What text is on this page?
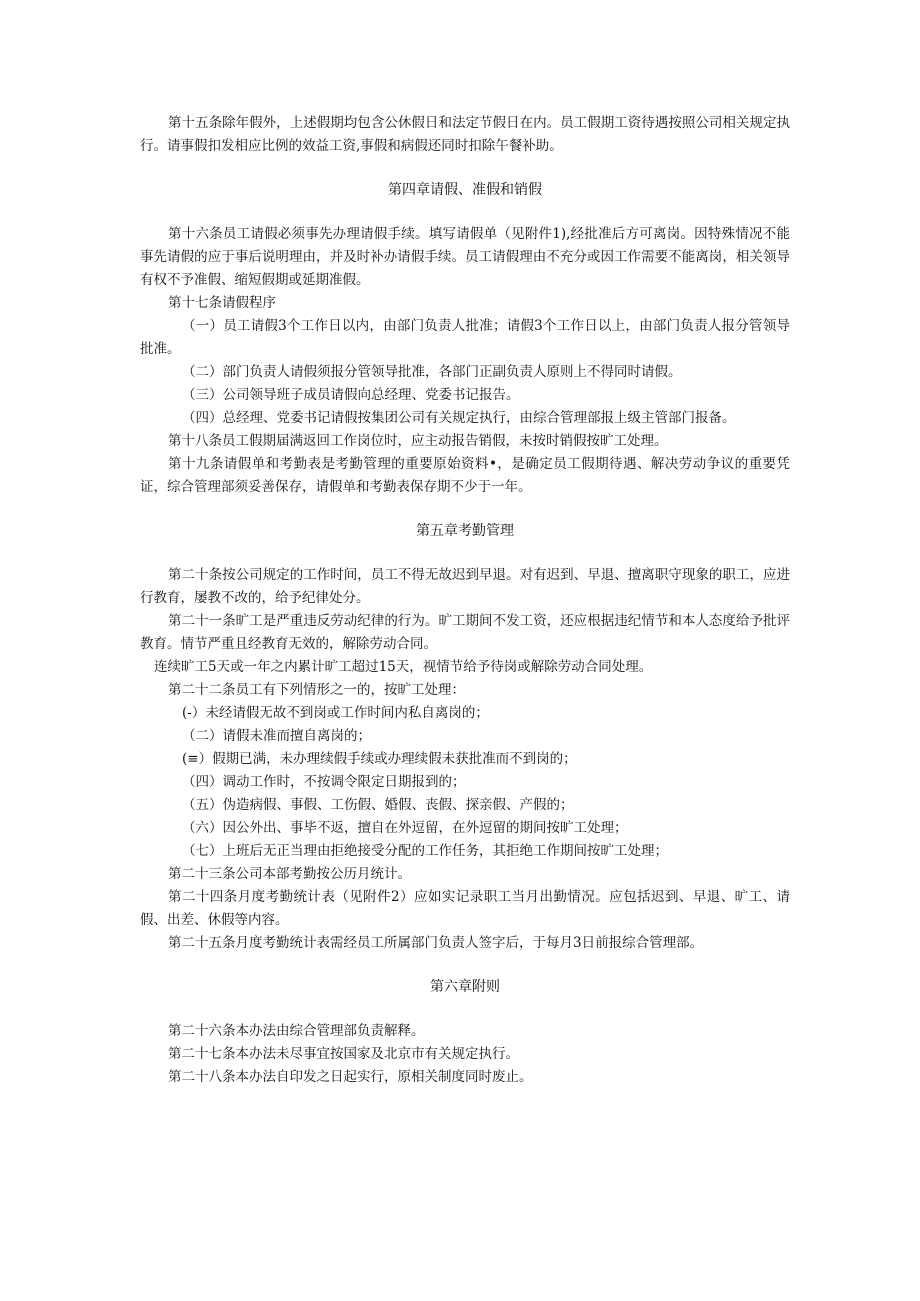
第十五条除年假外，上述假期均包含公休假日和法定节假日在内。员工假期工资待遇按照公司相关规定执行。请事假扣发相应比例的效益工资,事假和病假还同时扣除午餐补助。

第四章请假、准假和销假

第十六条员工请假必须事先办理请假手续。填写请假单（见附件1),经批准后方可离岗。因特殊情况不能事先请假的应于事后说明理由，并及时补办请假手续。员工请假理由不充分或因工作需要不能离岗，相关领导有权不予准假、缩短假期或延期准假。

第十七条请假程序

（一）员工请假3个工作日以内，由部门负责人批准；请假3个工作日以上，由部门负责人报分管领导批准。

（二）部门负责人请假须报分管领导批准，各部门正副负责人原则上不得同时请假。

（三）公司领导班子成员请假向总经理、党委书记报告。

（四）总经理、党委书记请假按集团公司有关规定执行，由综合管理部报上级主管部门报备。

第十八条员工假期届满返回工作岗位时，应主动报告销假，未按时销假按旷工处理。

第十九条请假单和考勤表是考勤管理的重要原始资料•，是确定员工假期待遇、解决劳动争议的重要凭证，综合管理部须妥善保存，请假单和考勤表保存期不少于一年。

第五章考勤管理

第二十条按公司规定的工作时间，员工不得无故迟到早退。对有迟到、早退、擅离职守现象的职工，应进行教育，屡教不改的，给予纪律处分。

第二十一条旷工是严重违反劳动纪律的行为。旷工期间不发工资，还应根据违纪情节和本人态度给予批评教育。情节严重且经教育无效的，解除劳动合同。

连续旷工5天或一年之内累计旷工超过15天，视情节给予待岗或解除劳动合同处理。

第二十二条员工有下列情形之一的，按旷工处理：

(-）未经请假无故不到岗或工作时间内私自离岗的；

（二）请假未准而擅自离岗的；

(≡）假期已满，未办理续假手续或办理续假未获批准而不到岗的；

（四）调动工作时，不按调令限定日期报到的；

（五）伪造病假、事假、工伤假、婚假、丧假、探亲假、产假的；

（六）因公外出、事毕不返，擅自在外逗留，在外逗留的期间按旷工处理；

（七）上班后无正当理由拒绝接受分配的工作任务，其拒绝工作期间按旷工处理；

第二十三条公司本部考勤按公历月统计。

第二十四条月度考勤统计表（见附件2）应如实记录职工当月出勤情况。应包括迟到、早退、旷工、请假、出差、休假等内容。

第二十五条月度考勤统计表需经员工所属部门负责人签字后，于每月3日前报综合管理部。

第六章附则

第二十六条本办法由综合管理部负责解释。

第二十七条本办法未尽事宜按国家及北京市有关规定执行。

第二十八条本办法自印发之日起实行，原相关制度同时废止。
